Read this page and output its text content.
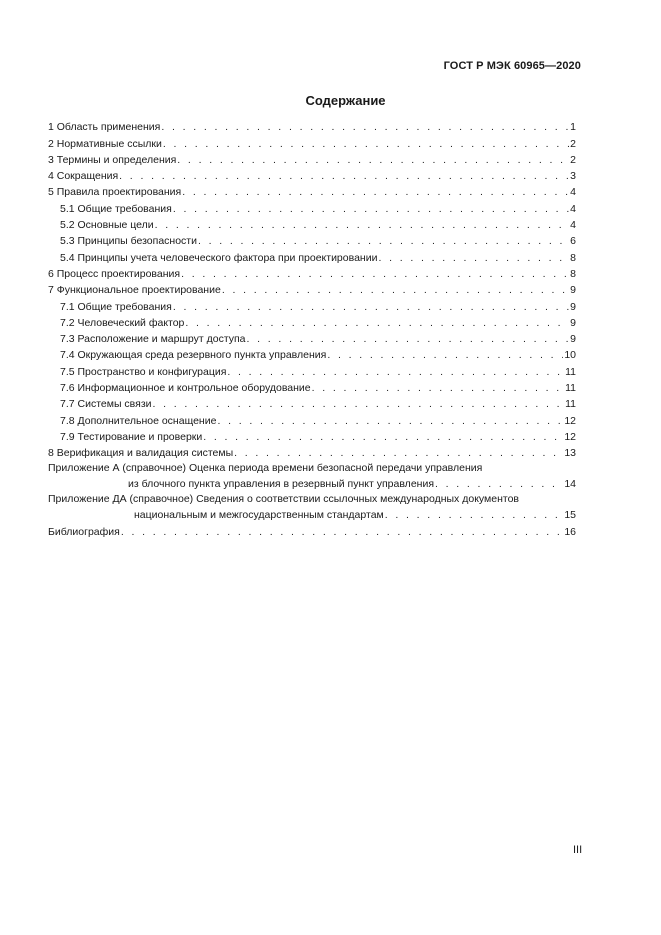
ГОСТ Р МЭК 60965—2020
Содержание
1 Область применения . . .	1
2 Нормативные ссылки . . .	2
3 Термины и определения . . .	2
4 Сокращения . . .	3
5 Правила проектирования . . .	4
5.1 Общие требования . . .	4
5.2 Основные цели . . .	4
5.3 Принципы безопасности . . .	6
5.4 Принципы учета человеческого фактора при проектировании . . .	8
6 Процесс проектирования . . .	8
7 Функциональное проектирование . . .	9
7.1 Общие требования . . .	9
7.2 Человеческий фактор . . .	9
7.3 Расположение и маршрут доступа . . .	9
7.4 Окружающая среда резервного пункта управления . . .	10
7.5 Пространство и конфигурация . . .	11
7.6 Информационное и контрольное оборудование . . .	11
7.7 Системы связи . . .	11
7.8 Дополнительное оснащение . . .	12
7.9 Тестирование и проверки . . .	12
8 Верификация и валидация системы . . .	13
Приложение А (справочное) Оценка периода времени безопасной передачи управления
из блочного пункта управления в резервный пункт управления . . .	14
Приложение ДА (справочное) Сведения о соответствии ссылочных международных документов
национальным и межгосударственным стандартам . . .	15
Библиография . . .	16
III
